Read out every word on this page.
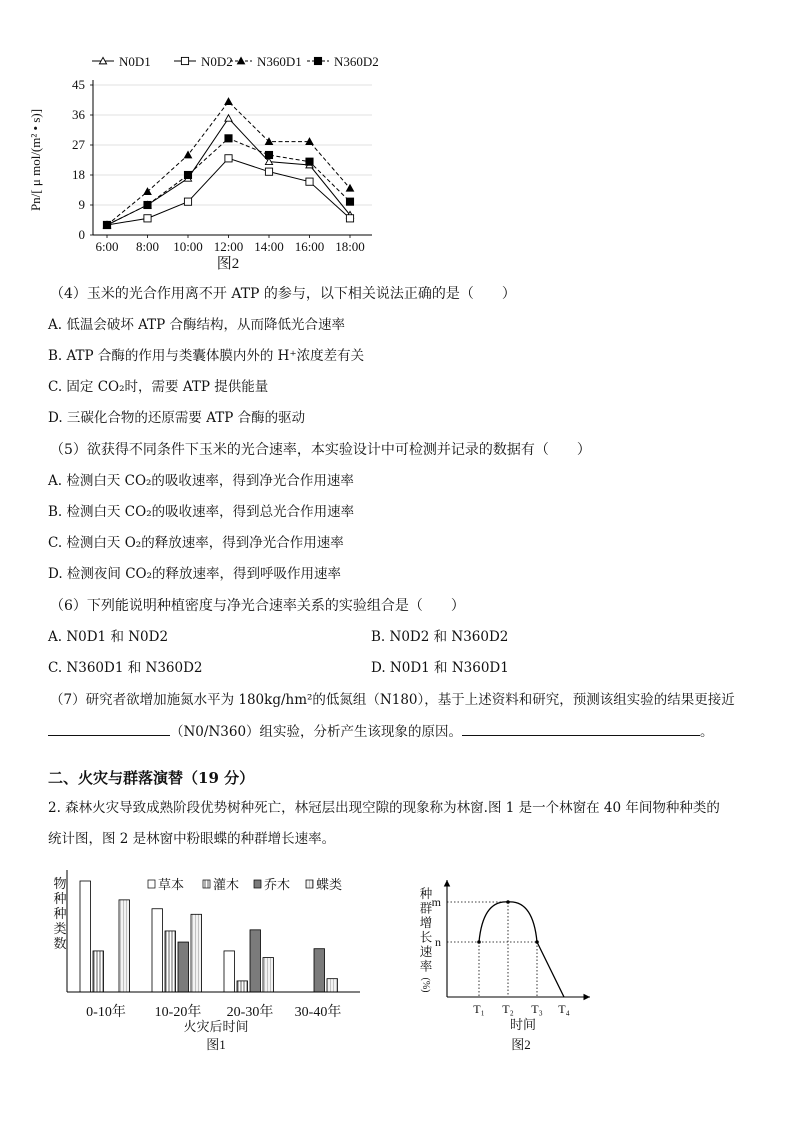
N0D1	N0D2 N360D1 N360D2
0
9
18
27
36
45
6:00 8:00 10:00 12:00 14:00 16:00 18:00
Pn/[ μ mol/(m² • s)]
图2
物
种
种
类
数
草本 灌木 乔木 蝶类
0-10年 10-20年 20-30年 30-40年
火灾后时间
图1
种
群
增
长
速
率
(%)
m
n
T₁ T₂ T₃ T₄
时间
图2
（4）玉米的光合作用离不开 ATP 的参与，以下相关说法正确的是（　　）
A. 低温会破坏 ATP 合酶结构，从而降低光合速率
B. ATP 合酶的作用与类囊体膜内外的 H⁺浓度差有关
C. 固定 CO₂时，需要 ATP 提供能量
D. 三碳化合物的还原需要 ATP 合酶的驱动
（5）欲获得不同条件下玉米的光合速率，本实验设计中可检测并记录的数据有（　　）
A. 检测白天 CO₂的吸收速率，得到净光合作用速率
B. 检测白天 CO₂的吸收速率，得到总光合作用速率
C. 检测白天 O₂的释放速率，得到净光合作用速率
D. 检测夜间 CO₂的释放速率，得到呼吸作用速率
（6）下列能说明种植密度与净光合速率关系的实验组合是（　　）
A. N0D1 和 N0D2	B. N0D2 和 N360D2
C. N360D1 和 N360D2	D. N0D1 和 N360D1
（7）研究者欲增加施氮水平为 180kg/hm²的低氮组（N180），基于上述资料和研究，预测该组实验的结果更接近
（N0/N360）组实验，分析产生该现象的原因。	。
二、火灾与群落演替（19 分）
2. 森林火灾导致成熟阶段优势树种死亡，林冠层出现空隙的现象称为林窗.图 1 是一个林窗在 40 年间物种种类的
统计图，图 2 是林窗中粉眼蝶的种群增长速率。
